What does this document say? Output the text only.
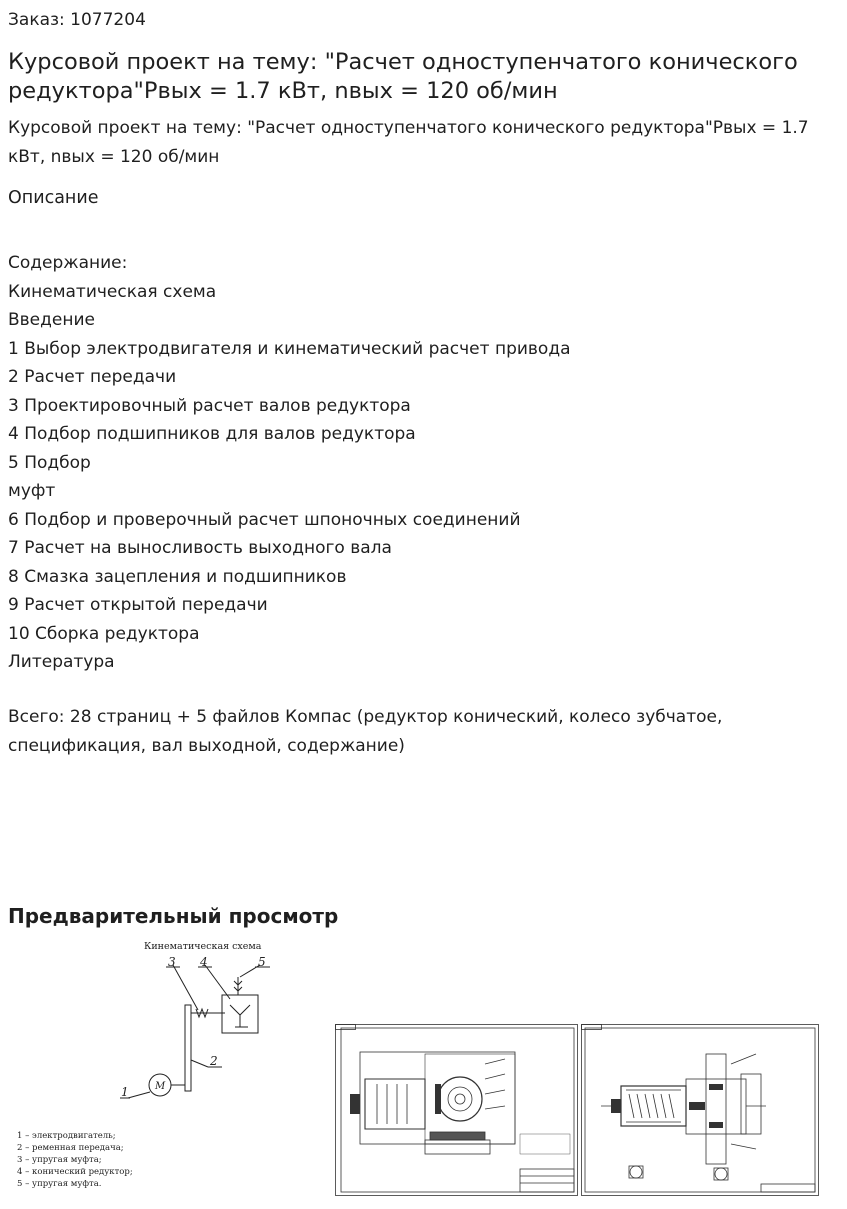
Заказ: 1077204
Курсовой проект на тему: "Расчет одноступенчатого конического редуктора"Рвых = 1.7 кВт, nвых = 120 об/мин
Курсовой проект на тему: "Расчет одноступенчатого конического редуктора"Рвых = 1.7 кВт, nвых = 120 об/мин
Описание
Содержание:
Кинематическая схема
Введение
1 Выбор электродвигателя и кинематический расчет привода
2 Расчет передачи
3 Проектировочный расчет валов редуктора
4 Подбор подшипников для валов редуктора
5 Подбор
муфт
6 Подбор и проверочный расчет шпоночных соединений
7 Расчет на выносливость выходного вала
8 Смазка зацепления и подшипников
9 Расчет открытой передачи
10 Сборка редуктора
Литература
Всего: 28 страниц + 5 файлов Компас (редуктор конический, колесо зубчатое, спецификация, вал выходной, содержание)
Предварительный просмотр
Кинематическая схема
3 4	5
2
1	М
1 – электродвигатель;
2 – ременная передача;
3 – упругая муфта;
4 – конический редуктор;
5 – упругая муфта.
